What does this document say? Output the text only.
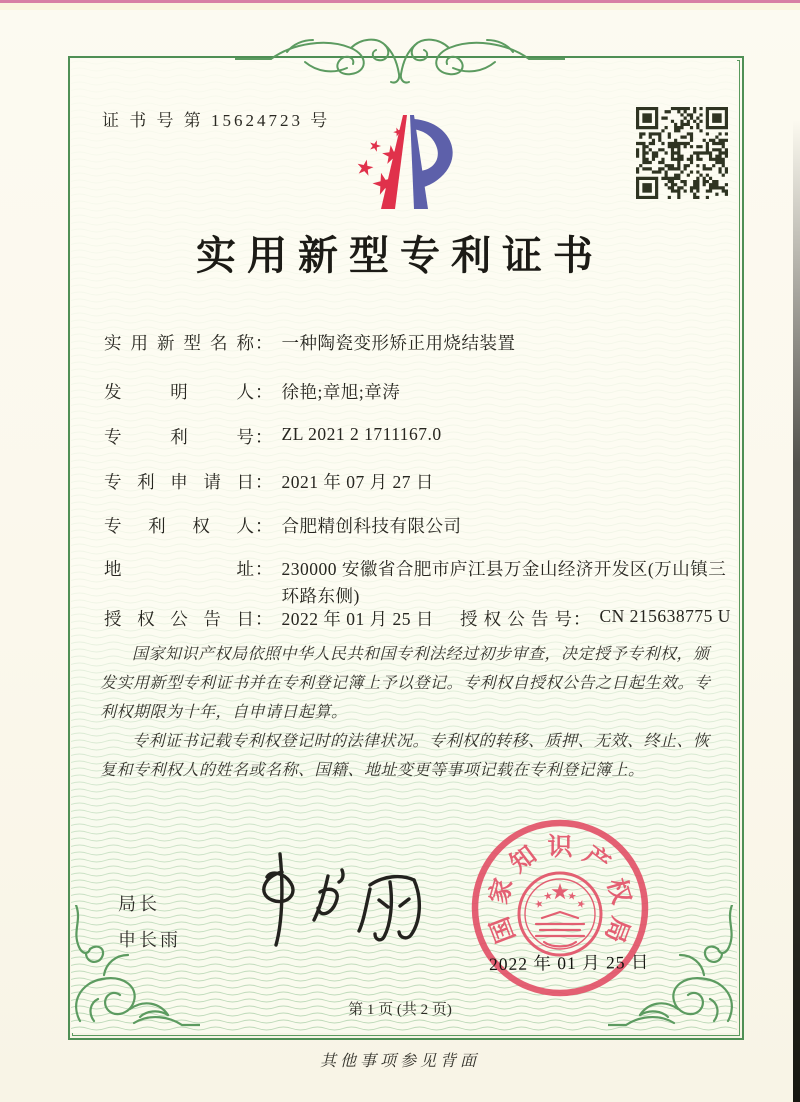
证 书 号 第 15624723 号
实用新型专利证书
实用新型名称 ： 一种陶瓷变形矫正用烧结装置
发明人 ： 徐艳;章旭;章涛
专利号 ： ZL 2021 2 1711167.0
专利申请日 ： 2021 年 07 月 27 日
专利权人 ： 合肥精创科技有限公司
地址 ： 230000 安徽省合肥市庐江县万金山经济开发区(万山镇三环路东侧)
授权公告日 ： 2022 年 01 月 25 日 授权公告号 ： CN 215638775 U

国家知识产权局依照中华人民共和国专利法经过初步审查，决定授予专利权，颁发实用新型专利证书并在专利登记簿上予以登记。专利权自授权公告之日起生效。专利权期限为十年，自申请日起算。

专利证书记载专利权登记时的法律状况。专利权的转移、质押、无效、终止、恢复和专利权人的姓名或名称、国籍、地址变更等事项记载在专利登记簿上。

局长
申长雨	国
家
知 识 产
权
局
2022 年 01 月 25 日
第 1 页 (共 2 页)
其他事项参见背面
